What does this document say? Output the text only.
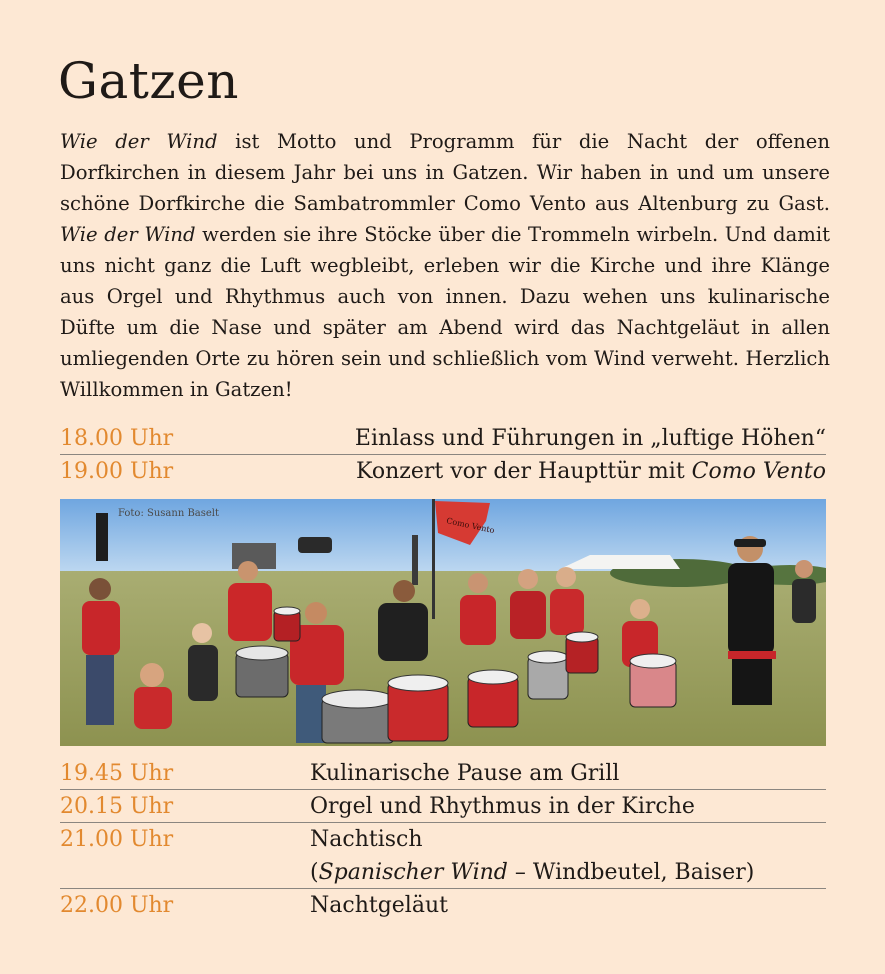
Gatzen

Wie der Wind ist Motto und Programm für die Nacht der offenen Dorfkirchen in diesem Jahr bei uns in Gatzen. Wir haben in und um unsere schöne Dorfkirche die Sambatrommler Como Vento aus Altenburg zu Gast. Wie der Wind werden sie ihre Stöcke über die Trommeln wirbeln. Und damit uns nicht ganz die Luft wegbleibt, erleben wir die Kirche und ihre Klänge aus Orgel und Rhythmus auch von innen. Dazu wehen uns kulinarische Düfte um die Nase und später am Abend wird das Nachtgeläut in allen umliegenden Orte zu hören sein und schließlich vom Wind verweht. Herzlich Willkommen in Gatzen!

18.00 Uhr	Einlass und Führungen in „luftige Höhen“
19.00 Uhr	Konzert vor der Haupttür mit Como Vento
Como Vento
Foto: Susann Baselt
19.45 Uhr	Kulinarische Pause am Grill
20.15 Uhr	Orgel und Rhythmus in der Kirche
21.00 Uhr	Nachtisch
(Spanischer Wind – Windbeutel, Baiser)
22.00 Uhr	Nachtgeläut
